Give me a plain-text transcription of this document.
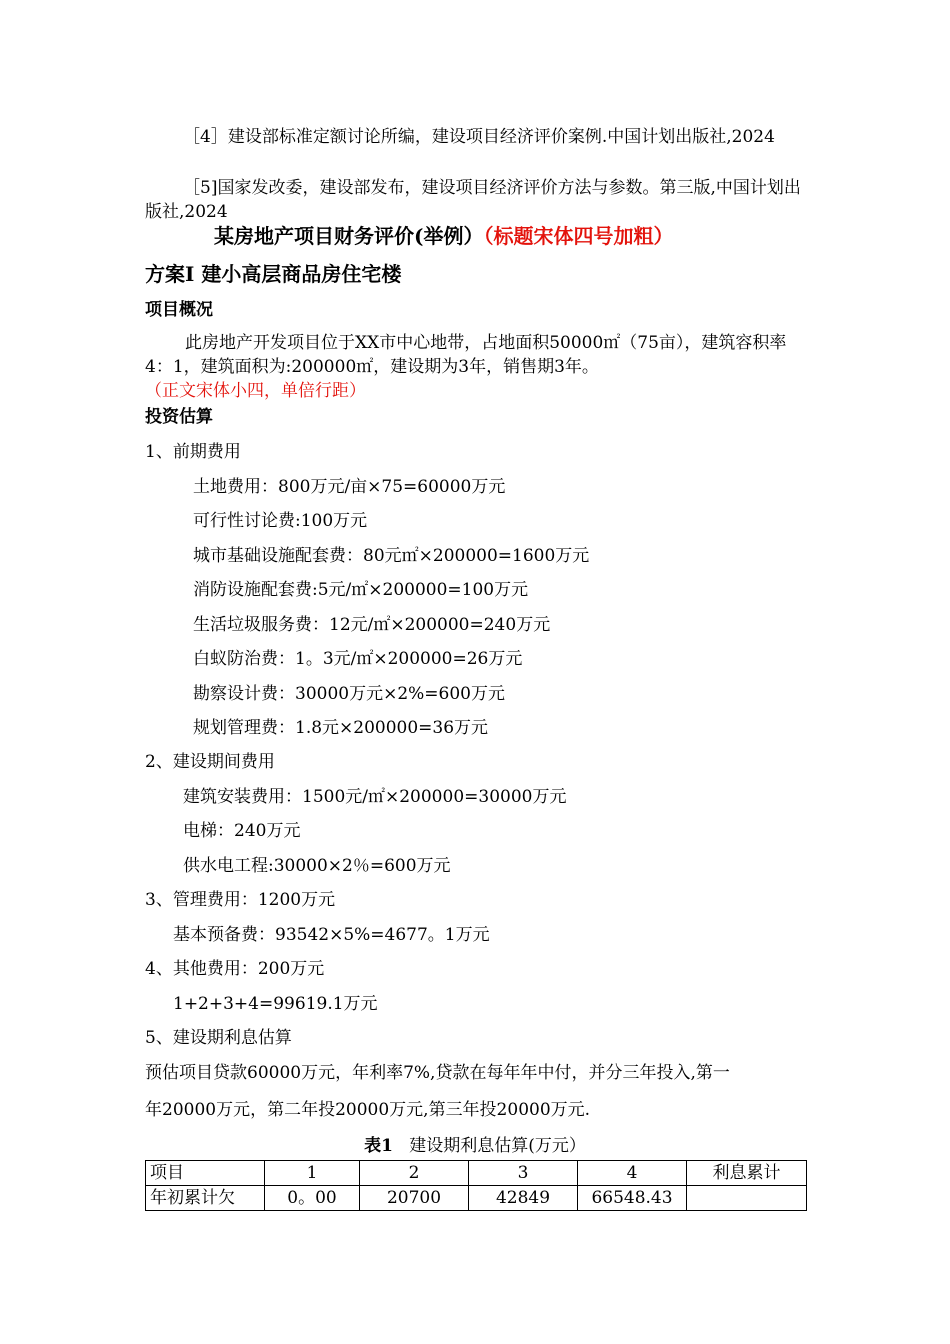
［4］建设部标准定额讨论所编，建设项目经济评价案例.中国计划出版社,2024
［5]国家发改委，建设部发布，建设项目经济评价方法与参数。第三版,中国计划出版社,2024
某房地产项目财务评价(举例）（标题宋体四号加粗）
方案Ⅰ 建小高层商品房住宅楼
项目概况
此房地产开发项目位于XX市中心地带，占地面积50000㎡（75亩），建筑容积率4：1，建筑面积为:200000㎡，建设期为3年，销售期3年。（正文宋体小四，单倍行距）
投资估算
1、前期费用
土地费用：800万元/亩×75=60000万元
可行性讨论费:100万元
城市基础设施配套费：80元㎡×200000=1600万元
消防设施配套费:5元/㎡×200000=100万元
生活垃圾服务费：12元/㎡×200000=240万元
白蚁防治费：1。3元/㎡×200000=26万元
勘察设计费：30000万元×2%=600万元
规划管理费：1.8元×200000=36万元
2、建设期间费用
建筑安装费用：1500元/㎡×200000=30000万元
电梯：240万元
供水电工程:30000×2％=600万元
3、管理费用：1200万元
基本预备费：93542×5%=4677。1万元
4、其他费用：200万元
1+2+3+4=99619.1万元
5、建设期利息估算
预估项目贷款60000万元，年利率7%,贷款在每年年中付，并分三年投入,第一
年20000万元，第二年投20000万元,第三年投20000万元.
表1 建设期利息估算(万元）
项目	1	2	3	4	利息累计
年初累计欠	0。00	20700	42849	66548.43	
